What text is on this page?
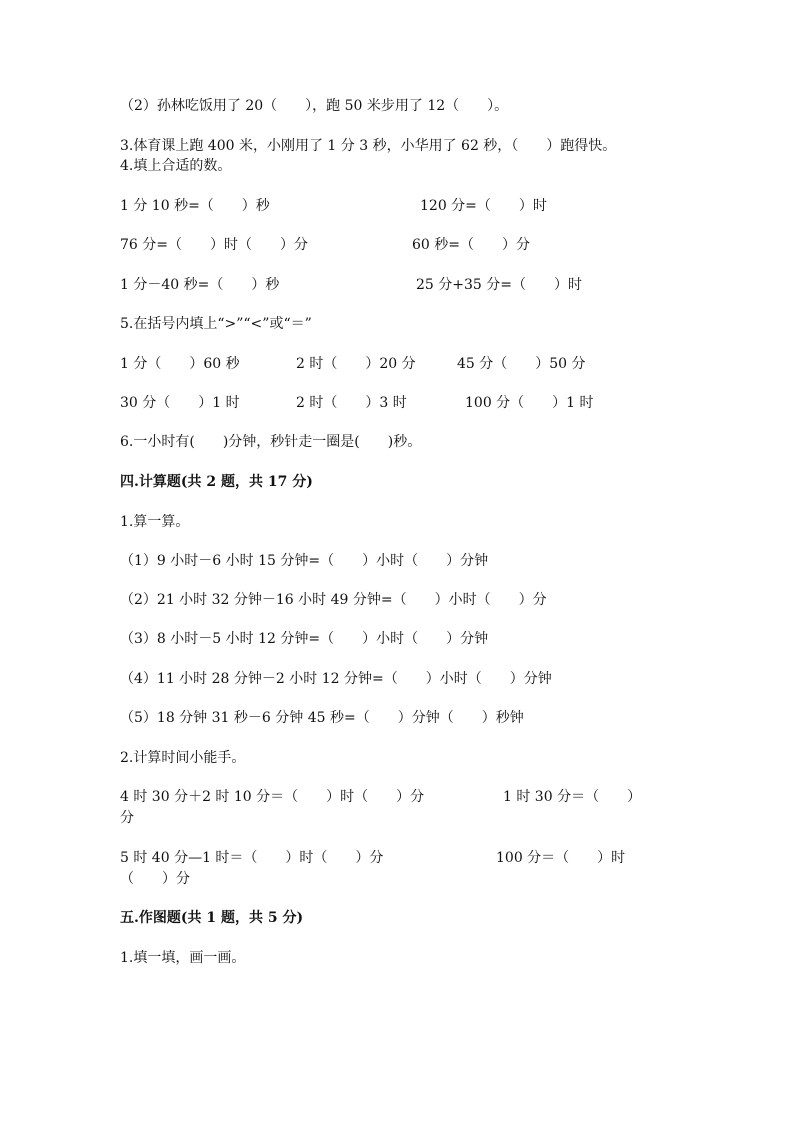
（2）孙林吃饭用了 20（　　），跑 50 米步用了 12（　　）。
3.体育课上跑 400 米，小刚用了 1 分 3 秒，小华用了 62 秒，（　　）跑得快。
4.填上合适的数。
1 分 10 秒=（　　）秒	120 分=（　　）时
76 分=（　　）时（　　）分	60 秒=（　　）分
1 分－40 秒=（　　）秒	25 分+35 分=（　　）时
5.在括号内填上“>”“<”或“＝”
1 分（　　）60 秒	2 时（　　）20 分	45 分（　　）50 分
30 分（　　）1 时	2 时（　　）3 时	100 分（　　）1 时
6.一小时有(　　)分钟，秒针走一圈是(　　)秒。
四.计算题(共 2 题，共 17 分)
1.算一算。
（1）9 小时－6 小时 15 分钟=（　　）小时（　　）分钟
（2）21 小时 32 分钟－16 小时 49 分钟=（　　）小时（　　）分
（3）8 小时－5 小时 12 分钟=（　　）小时（　　）分钟
（4）11 小时 28 分钟－2 小时 12 分钟=（　　）小时（　　）分钟
（5）18 分钟 31 秒－6 分钟 45 秒=（　　）分钟（　　）秒钟
2.计算时间小能手。
4 时 30 分＋2 时 10 分＝（　　）时（　　）分	1 时 30 分＝（　　）
分
5 时 40 分—1 时＝（　　）时（　　）分	100 分＝（　　）时
（　　）分
五.作图题(共 1 题，共 5 分)
1.填一填，画一画。
